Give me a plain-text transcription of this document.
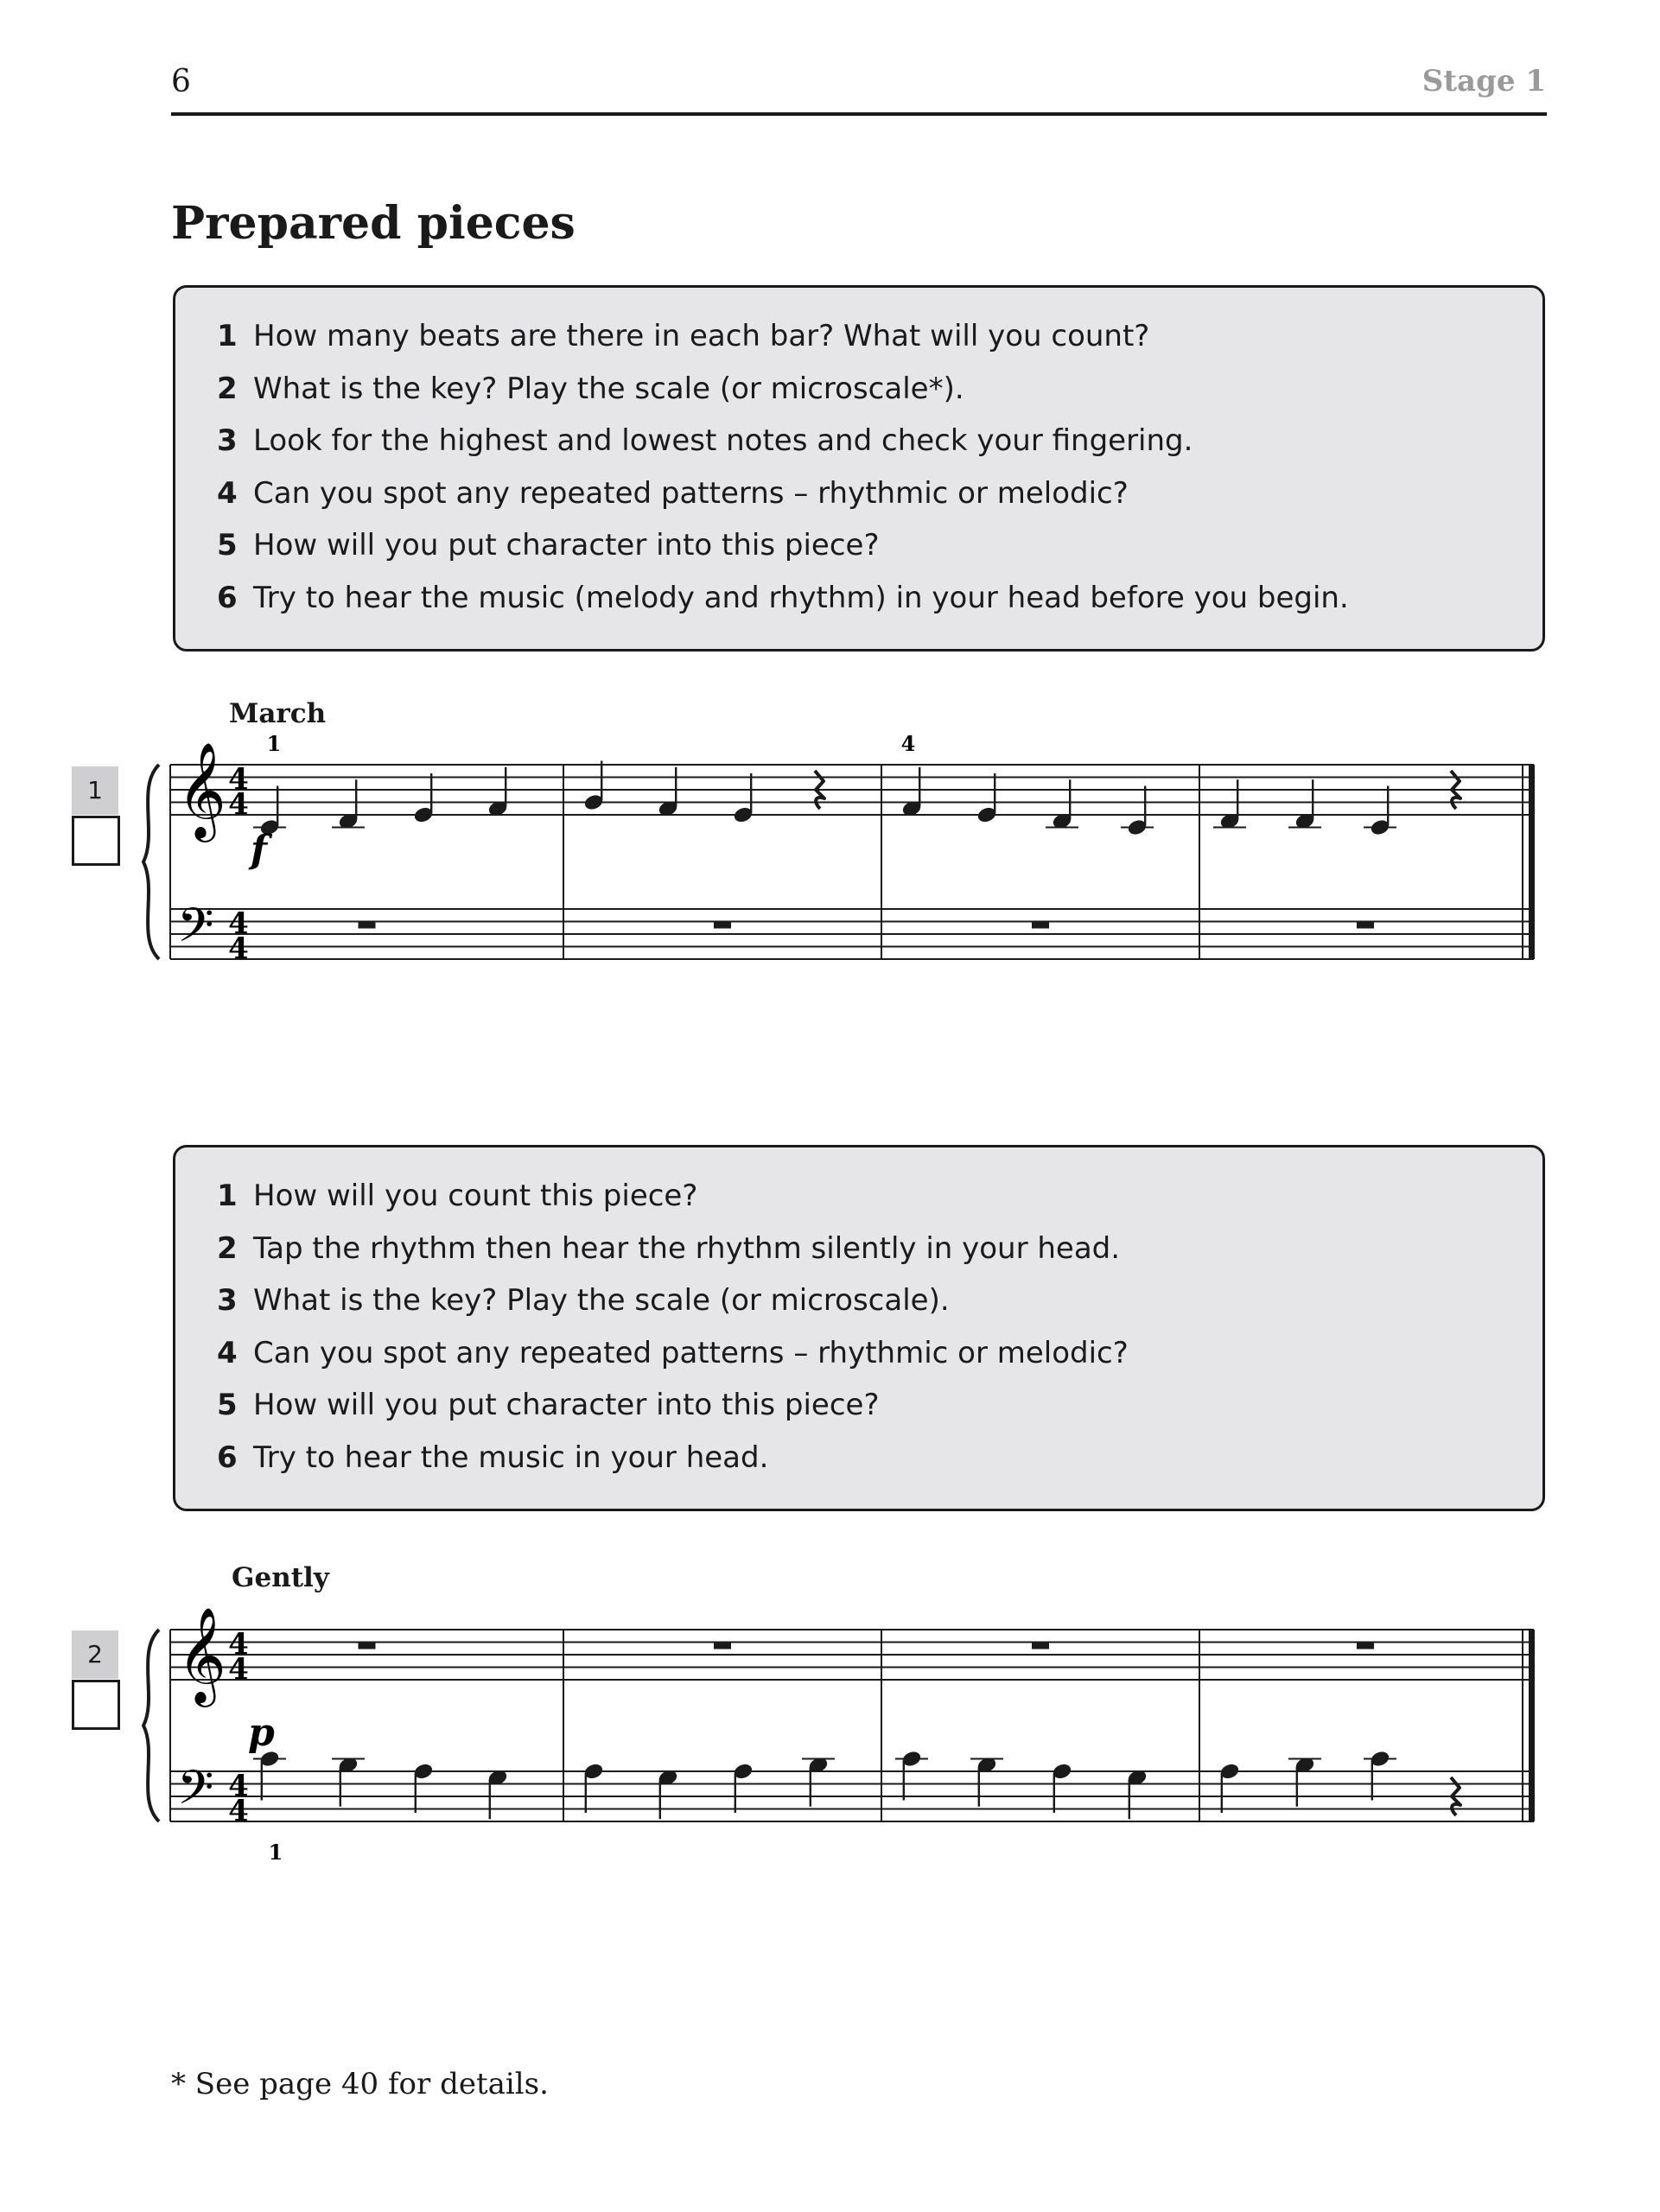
6	Stage 1
Prepared pieces
1 How many beats are there in each bar? What will you count?
2 What is the key? Play the scale (or microscale*).
3 Look for the highest and lowest notes and check your fingering.
4 Can you spot any repeated patterns – rhythmic or melodic?
5 How will you put character into this piece?
6 Try to hear the music (melody and rhythm) in your head before you begin.
1
March
𝄞
𝄢
4
4
4
4
f
1	4
1 How will you count this piece?
2 Tap the rhythm then hear the rhythm silently in your head.
3 What is the key? Play the scale (or microscale).
4 Can you spot any repeated patterns – rhythmic or melodic?
5 How will you put character into this piece?
6 Try to hear the music in your head.
2
Gently
𝄞
𝄢
4
4
4
4
p
1
* See page 40 for details.
